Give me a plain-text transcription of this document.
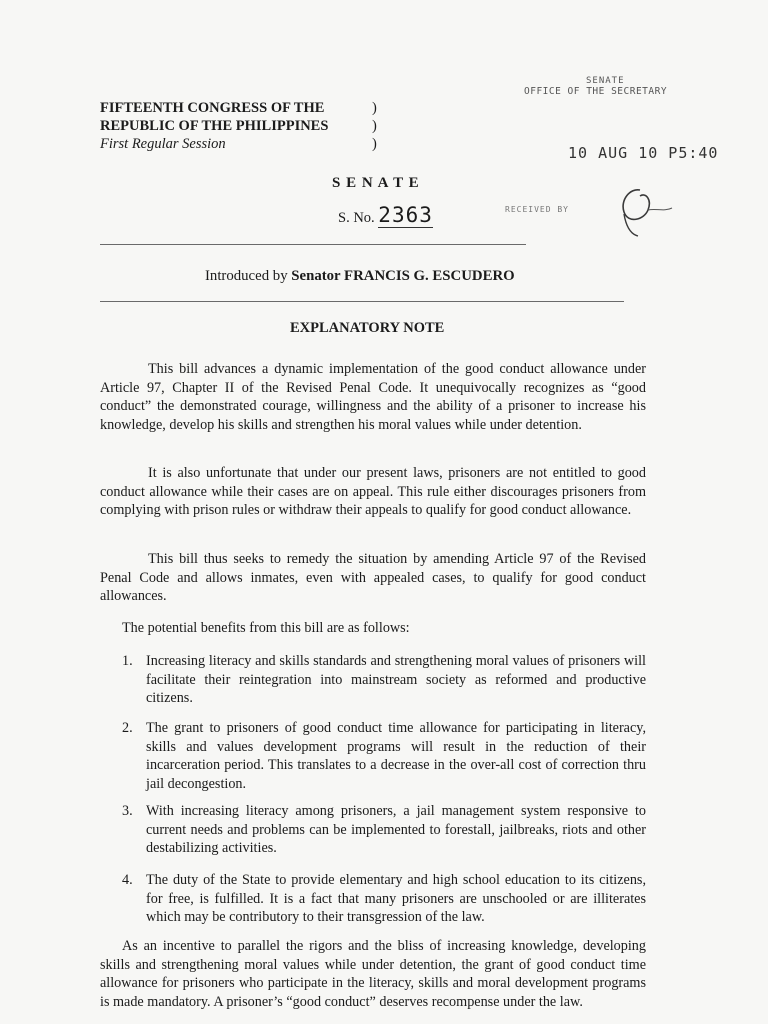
FIFTEENTH CONGRESS OF THE
REPUBLIC OF THE PHILIPPINES
First Regular Session
)
)
)
SENATE
OFFICE OF THE SECRETARY
10 AUG 10 P5:40
RECEIVED BY
S E N A T E
S. No. 2363
Introduced by Senator FRANCIS G. ESCUDERO
EXPLANATORY NOTE
This bill advances a dynamic implementation of the good conduct allowance under Article 97, Chapter II of the Revised Penal Code. It unequivocally recognizes as “good conduct” the demonstrated courage, willingness and the ability of a prisoner to increase his knowledge, develop his skills and strengthen his moral values while under detention.
It is also unfortunate that under our present laws, prisoners are not entitled to good conduct allowance while their cases are on appeal. This rule either discourages prisoners from complying with prison rules or withdraw their appeals to qualify for good conduct allowance.
This bill thus seeks to remedy the situation by amending Article 97 of the Revised Penal Code and allows inmates, even with appealed cases, to qualify for good conduct allowances.
The potential benefits from this bill are as follows:
1. Increasing literacy and skills standards and strengthening moral values of prisoners will facilitate their reintegration into mainstream society as reformed and productive citizens.
2. The grant to prisoners of good conduct time allowance for participating in literacy, skills and values development programs will result in the reduction of their incarceration period. This translates to a decrease in the over-all cost of correction thru jail decongestion.
3. With increasing literacy among prisoners, a jail management system responsive to current needs and problems can be implemented to forestall, jailbreaks, riots and other destabilizing activities.
4. The duty of the State to provide elementary and high school education to its citizens, for free, is fulfilled. It is a fact that many prisoners are unschooled or are illiterates which may be contributory to their transgression of the law.
As an incentive to parallel the rigors and the bliss of increasing knowledge, developing skills and strengthening moral values while under detention, the grant of good conduct time allowance for prisoners who participate in the literacy, skills and moral development programs is made mandatory. A prisoner’s “good conduct” deserves recompense under the law.
